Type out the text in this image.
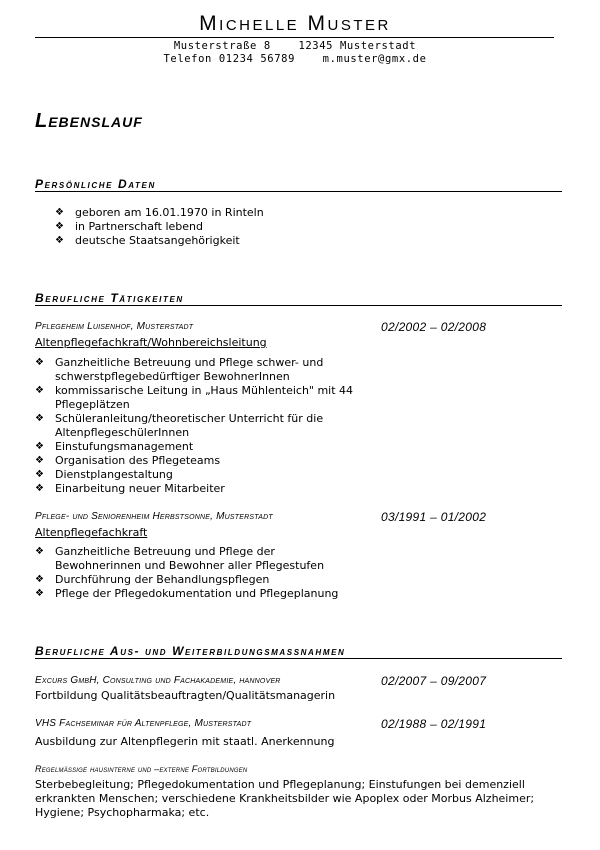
Michelle Muster
Musterstraße 8    12345 Musterstadt
Telefon 01234 56789    m.muster@gmx.de
Lebenslauf
Persönliche Daten
❖ geboren am 16.01.1970 in Rinteln
❖ in Partnerschaft lebend
❖ deutsche Staatsangehörigkeit
Berufliche Tätigkeiten
Pflegeheim Luisenhof, Musterstadt	02/2002 – 02/2008
Altenpflegefachkraft/Wohnbereichsleitung
❖ Ganzheitliche Betreuung und Pflege schwer- und
schwerstpflegebedürftiger BewohnerInnen
❖ kommissarische Leitung in „Haus Mühlenteich" mit 44
Pflegeplätzen
❖ Schüleranleitung/theoretischer Unterricht für die
AltenpflegeschülerInnen
❖ Einstufungsmanagement
❖ Organisation des Pflegeteams
❖ Dienstplangestaltung
❖ Einarbeitung neuer Mitarbeiter
Pflege- und Seniorenheim Herbstsonne, Musterstadt	03/1991 – 01/2002
Altenpflegefachkraft
❖ Ganzheitliche Betreuung und Pflege der
Bewohnerinnen und Bewohner aller Pflegestufen
❖ Durchführung der Behandlungspflegen
❖ Pflege der Pflegedokumentation und Pflegeplanung
Berufliche Aus- und Weiterbildungsmassnahmen
Excurs GmbH, Consulting und Fachakademie, hannover	02/2007 – 09/2007
Fortbildung Qualitätsbeauftragten/Qualitätsmanagerin
VHS Fachseminar für Altenpflege, Musterstadt	02/1988 – 02/1991
Ausbildung zur Altenpflegerin mit staatl. Anerkennung
Regelmässige hausinterne und –externe Fortbildungen
Sterbebegleitung; Pflegedokumentation und Pflegeplanung; Einstufungen bei demenziell erkrankten Menschen; verschiedene Krankheitsbilder wie Apoplex oder Morbus Alzheimer; Hygiene; Psychopharmaka; etc.
